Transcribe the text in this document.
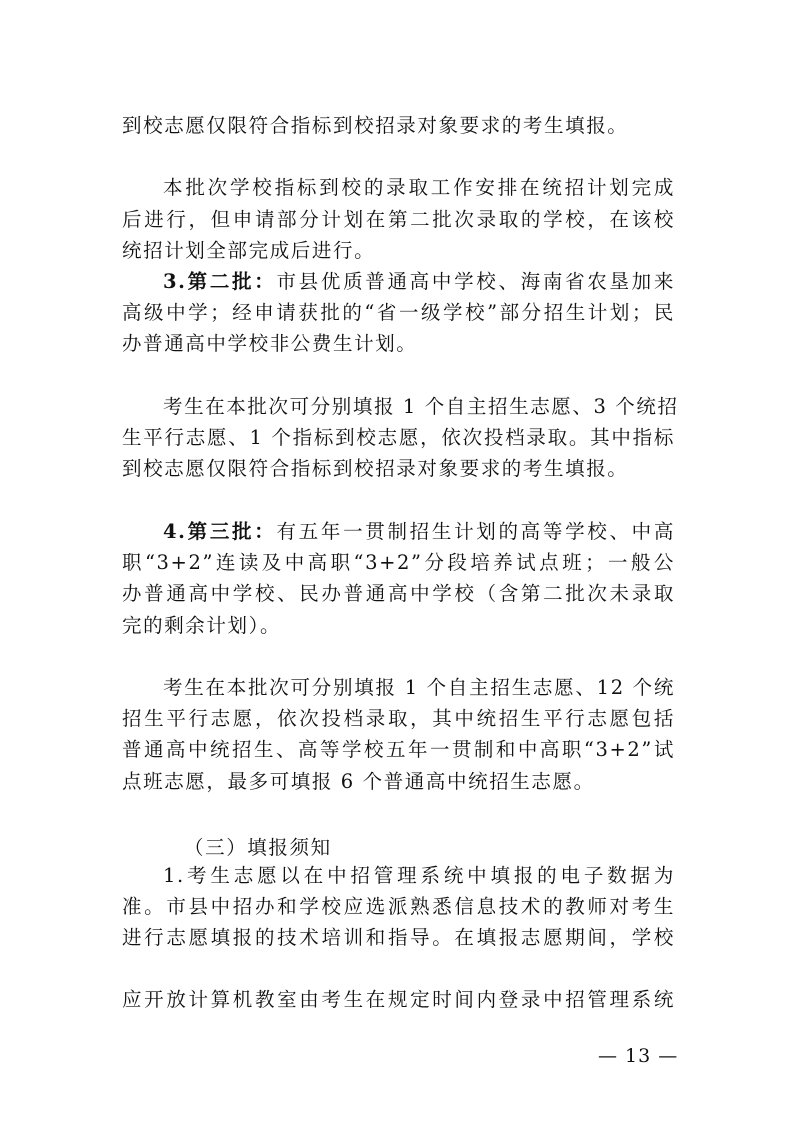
到校志愿仅限符合指标到校招录对象要求的考生填报。
本批次学校指标到校的录取工作安排在统招计划完成
后进行，但申请部分计划在第二批次录取的学校，在该校
统招计划全部完成后进行。
3.第二批：市县优质普通高中学校、海南省农垦加来
高级中学；经申请获批的“省一级学校”部分招生计划；民
办普通高中学校非公费生计划。
考生在本批次可分别填报 1 个自主招生志愿、3 个统招
生平行志愿、1 个指标到校志愿，依次投档录取。其中指标
到校志愿仅限符合指标到校招录对象要求的考生填报。
4.第三批：有五年一贯制招生计划的高等学校、中高
职“3+2”连读及中高职“3+2”分段培养试点班；一般公
办普通高中学校、民办普通高中学校（含第二批次未录取
完的剩余计划）。
考生在本批次可分别填报 1 个自主招生志愿、12 个统
招生平行志愿，依次投档录取，其中统招生平行志愿包括
普通高中统招生、高等学校五年一贯制和中高职“3+2”试
点班志愿，最多可填报 6 个普通高中统招生志愿。
（三）填报须知
1.考生志愿以在中招管理系统中填报的电子数据为
准。市县中招办和学校应选派熟悉信息技术的教师对考生
进行志愿填报的技术培训和指导。在填报志愿期间，学校
应开放计算机教室由考生在规定时间内登录中招管理系统
— 13 —
